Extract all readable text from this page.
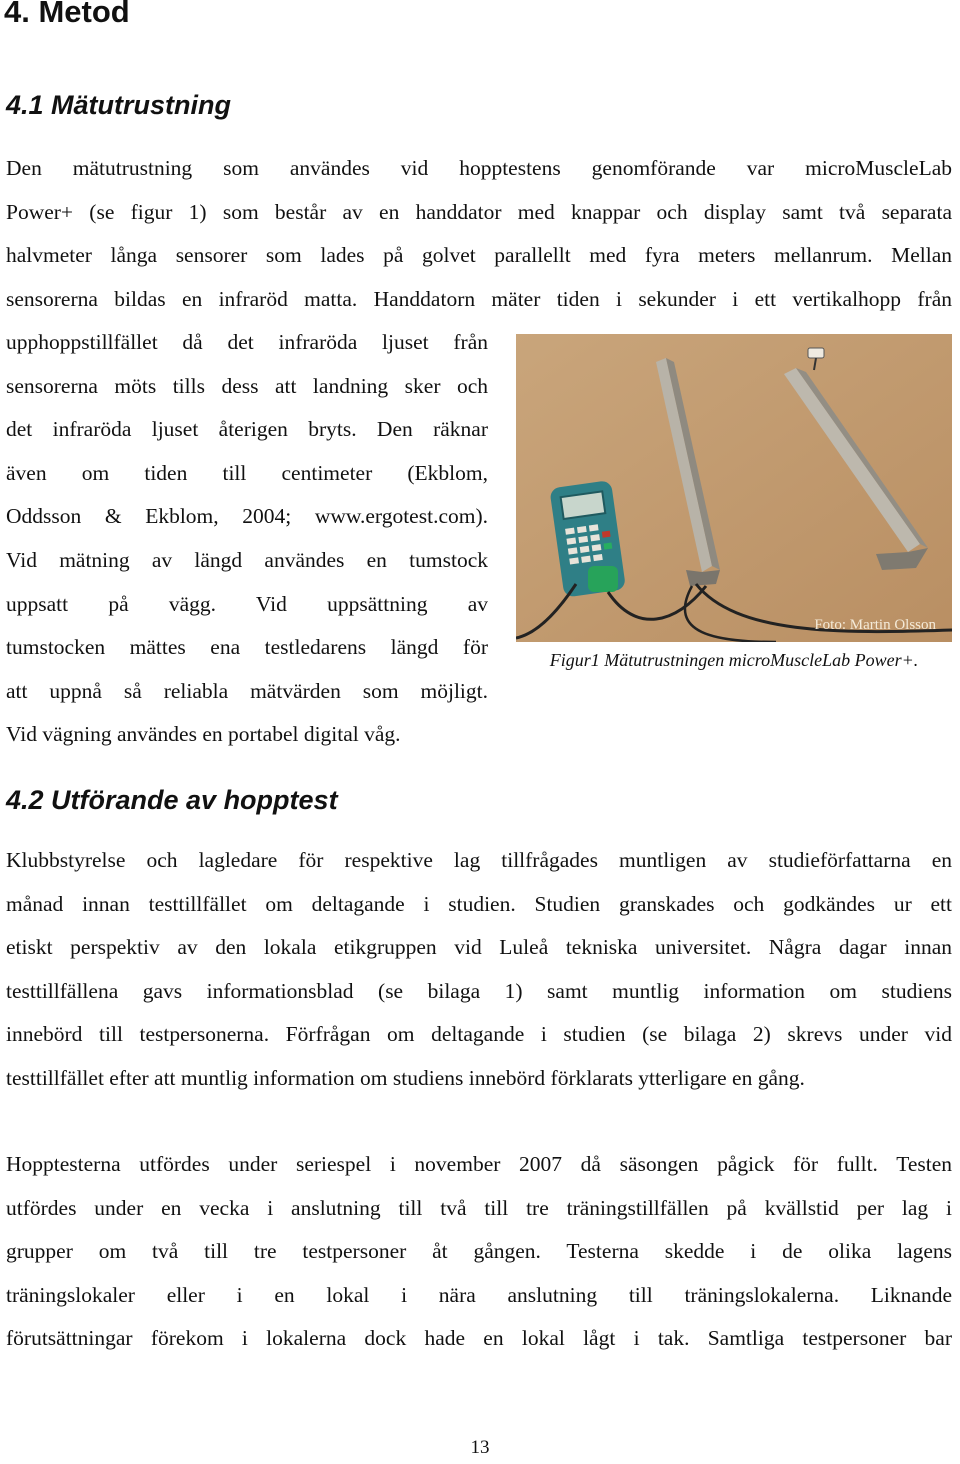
4. Metod
4.1 Mätutrustning
Den mätutrustning som användes vid hopptestens genomförande var microMuscleLab
Power+ (se figur 1) som består av en handdator med knappar och display samt två separata
halvmeter långa sensorer som lades på golvet parallellt med fyra meters mellanrum. Mellan
sensorerna bildas en infraröd matta. Handdatorn mäter tiden i sekunder i ett vertikalhopp från
upphoppstillfället då det infraröda ljuset från
sensorerna möts tills dess att landning sker och
det infraröda ljuset återigen bryts. Den räknar
även om tiden till centimeter (Ekblom,
Oddsson & Ekblom, 2004; www.ergotest.com).
Vid mätning av längd användes en tumstock
uppsatt på vägg. Vid uppsättning av
tumstocken mättes ena testledarens längd för
att uppnå så reliabla mätvärden som möjligt.
Vid vägning användes en portabel digital våg.
Foto: Martin Olsson

Figur1 Mätutrustningen microMuscleLab Power+.

4.2 Utförande av hopptest
Klubbstyrelse och lagledare för respektive lag tillfrågades muntligen av studieförfattarna en
månad innan testtillfället om deltagande i studien. Studien granskades och godkändes ur ett
etiskt perspektiv av den lokala etikgruppen vid Luleå tekniska universitet. Några dagar innan
testtillfällena gavs informationsblad (se bilaga 1) samt muntlig information om studiens
innebörd till testpersonerna. Förfrågan om deltagande i studien (se bilaga 2) skrevs under vid
testtillfället efter att muntlig information om studiens innebörd förklarats ytterligare en gång.
Hopptesterna utfördes under seriespel i november 2007 då säsongen pågick för fullt. Testen
utfördes under en vecka i anslutning till två till tre träningstillfällen på kvällstid per lag i
grupper om två till tre testpersoner åt gången. Testerna skedde i de olika lagens
träningslokaler eller i en lokal i nära anslutning till träningslokalerna. Liknande
förutsättningar förekom i lokalerna dock hade en lokal lågt i tak. Samtliga testpersoner bar
13
